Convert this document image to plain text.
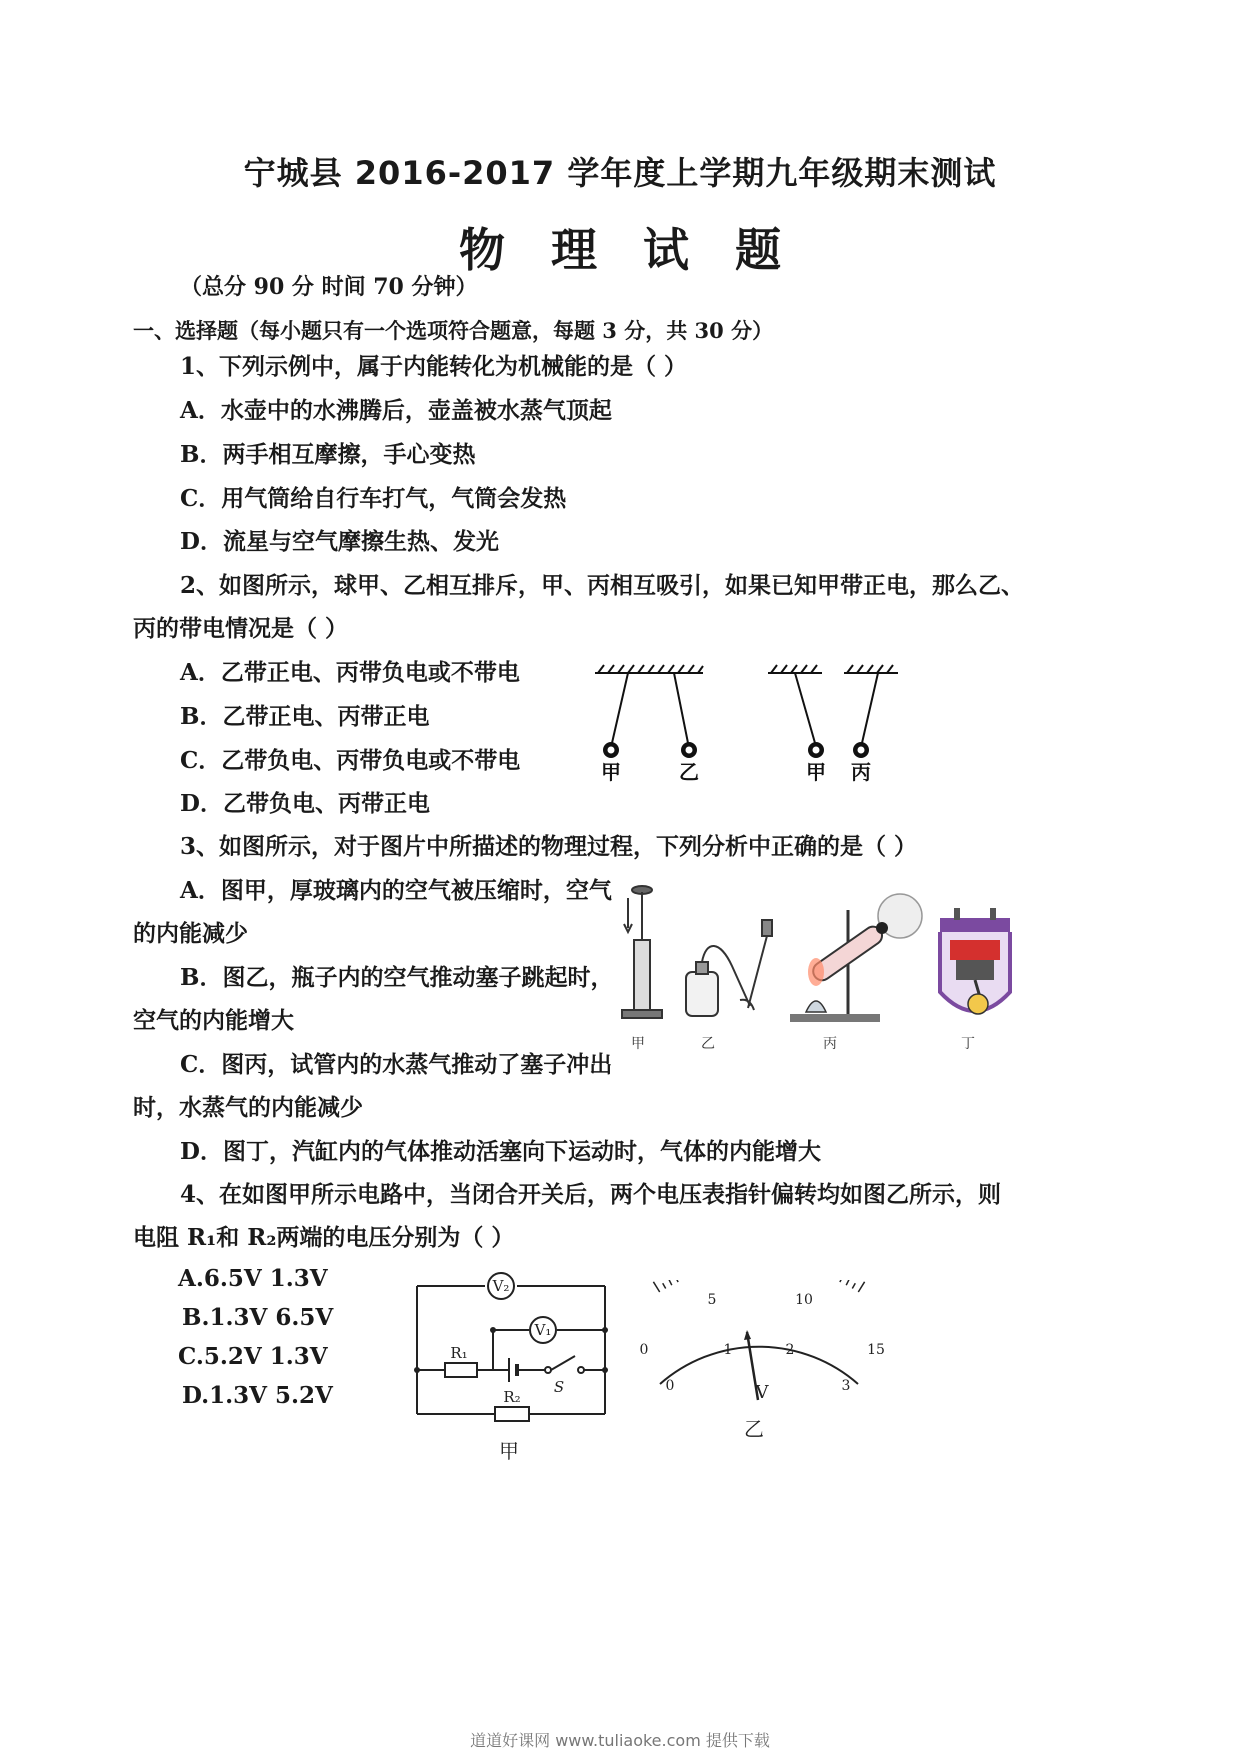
宁城县 2016-2017 学年度上学期九年级期末测试
物理试题
（总分 90 分 时间 70 分钟）
一、选择题（每小题只有一个选项符合题意，每题 3 分，共 30 分）
1、下列示例中，属于内能转化为机械能的是（ ）
A．水壶中的水沸腾后，壶盖被水蒸气顶起
B．两手相互摩擦，手心变热
C．用气筒给自行车打气，气筒会发热
D．流星与空气摩擦生热、发光
2、如图所示，球甲、乙相互排斥，甲、丙相互吸引，如果已知甲带正电，那么乙、
丙的带电情况是（ ）
A．乙带正电、丙带负电或不带电
B．乙带正电、丙带正电
C．乙带负电、丙带负电或不带电
D．乙带负电、丙带正电
甲	乙	甲 丙
3、如图所示，对于图片中所描述的物理过程，下列分析中正确的是（ ）
A．图甲，厚玻璃内的空气被压缩时，空气
的内能减少
B．图乙，瓶子内的空气推动塞子跳起时，
空气的内能增大
C．图丙，试管内的水蒸气推动了塞子冲出
时，水蒸气的内能减少
D．图丁，汽缸内的气体推动活塞向下运动时，气体的内能增大
甲	乙	丙	丁
4、在如图甲所示电路中，当闭合开关后，两个电压表指针偏转均如图乙所示，则
电阻 R₁和 R₂两端的电压分别为（ ）
A.6.5V 1.3V
B.1.3V 6.5V
C.5.2V 1.3V
D.1.3V 5.2V
V₂
V₁
R₁
R₂
S
甲
0
5	10
15
0
1	2
3
V
乙
道道好课网 www.tuliaoke.com 提供下载
